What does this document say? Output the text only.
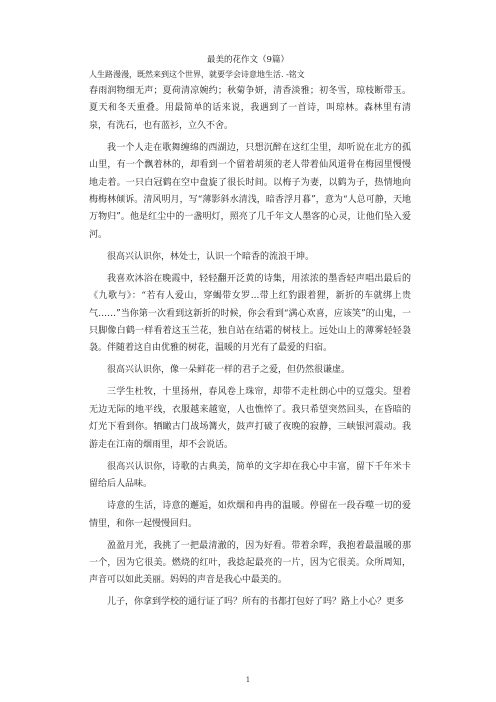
最美的花作文（9篇）
人生路漫漫，既然来到这个世界，就要学会诗意地生活. -铭文

春雨润物细无声；夏荷清凉婉约；秋菊争妍，清香淡雅；初冬雪，琼枝断带玉。夏天和冬天重叠。用最简单的话来说，我遇到了一首诗，叫琼林。森林里有清泉，有洗石，也有蓝衫，立久不舍。

我一个人走在歌舞缠绵的西湖边，只想沉醉在这红尘里，却听说在北方的孤山里，有一个飘着林的，却看到一个留着胡须的老人带着仙风道骨在梅园里慢慢地走着。一只白冠鹤在空中盘旋了很长时间。以梅子为妻，以鹤为子，热情地向梅梅林倾诉。清风明月，写“薄影斜水清浅，暗香浮月暮”，意为“人总可静，天地万物归”。他是红尘中的一盏明灯，照亮了几千年文人墨客的心灵，让他们坠入爱河。

很高兴认识你，林处士，认识一个暗香的流浪干坤。

我喜欢沐浴在晚霞中，轻轻翻开泛黄的诗集，用浓浓的墨香轻声唱出最后的《九歌与》：“若有人爱山，穿蝎带女罗...带上红豹跟着狸，新折的车就绑上贵气……”当你第一次看到这新折的时候，你会看到“满心欢喜，应该笑”的山鬼，一只脚像白鹤一样看着这玉兰花，独自站在结霜的树枝上。远处山上的薄雾轻轻袅袅。伴随着这自由优雅的树花，温暖的月光有了最爱的归宿。

很高兴认识你，像一朵鲜花一样的君子之爱，但仍然很谦虚。

三学生杜牧，十里扬州，春风卷上珠帘，却带不走杜朗心中的豆蔻尖。望着无边无际的地平线，衣服越来越宽，人也憔悴了。我只希望突然回头，在昏暗的灯光下看到你。牺瞰古门战场篝火，鼓声打破了夜晚的寂静，三峡银河震动。我游走在江南的烟雨里，却不会说话。

很高兴认识你，诗歌的古典美，简单的文字却在我心中丰富，留下千年米卡留给后人品味。

诗意的生活，诗意的邂逅，如炊烟和冉冉的温暖。停留在一段吞噬一切的爱情里，和你一起慢慢回归。

盈盈月光，我挑了一把最清澈的，因为好看。带着余晖，我抱着最温暖的那一个，因为它很美。燃烧的红叶，我捻起最亮的一片，因为它很美。众所周知，声音可以如此美丽。妈妈的声音是我心中最美的。

儿子，你拿到学校的通行证了吗？所有的书都打包好了吗？路上小心？更多

1
